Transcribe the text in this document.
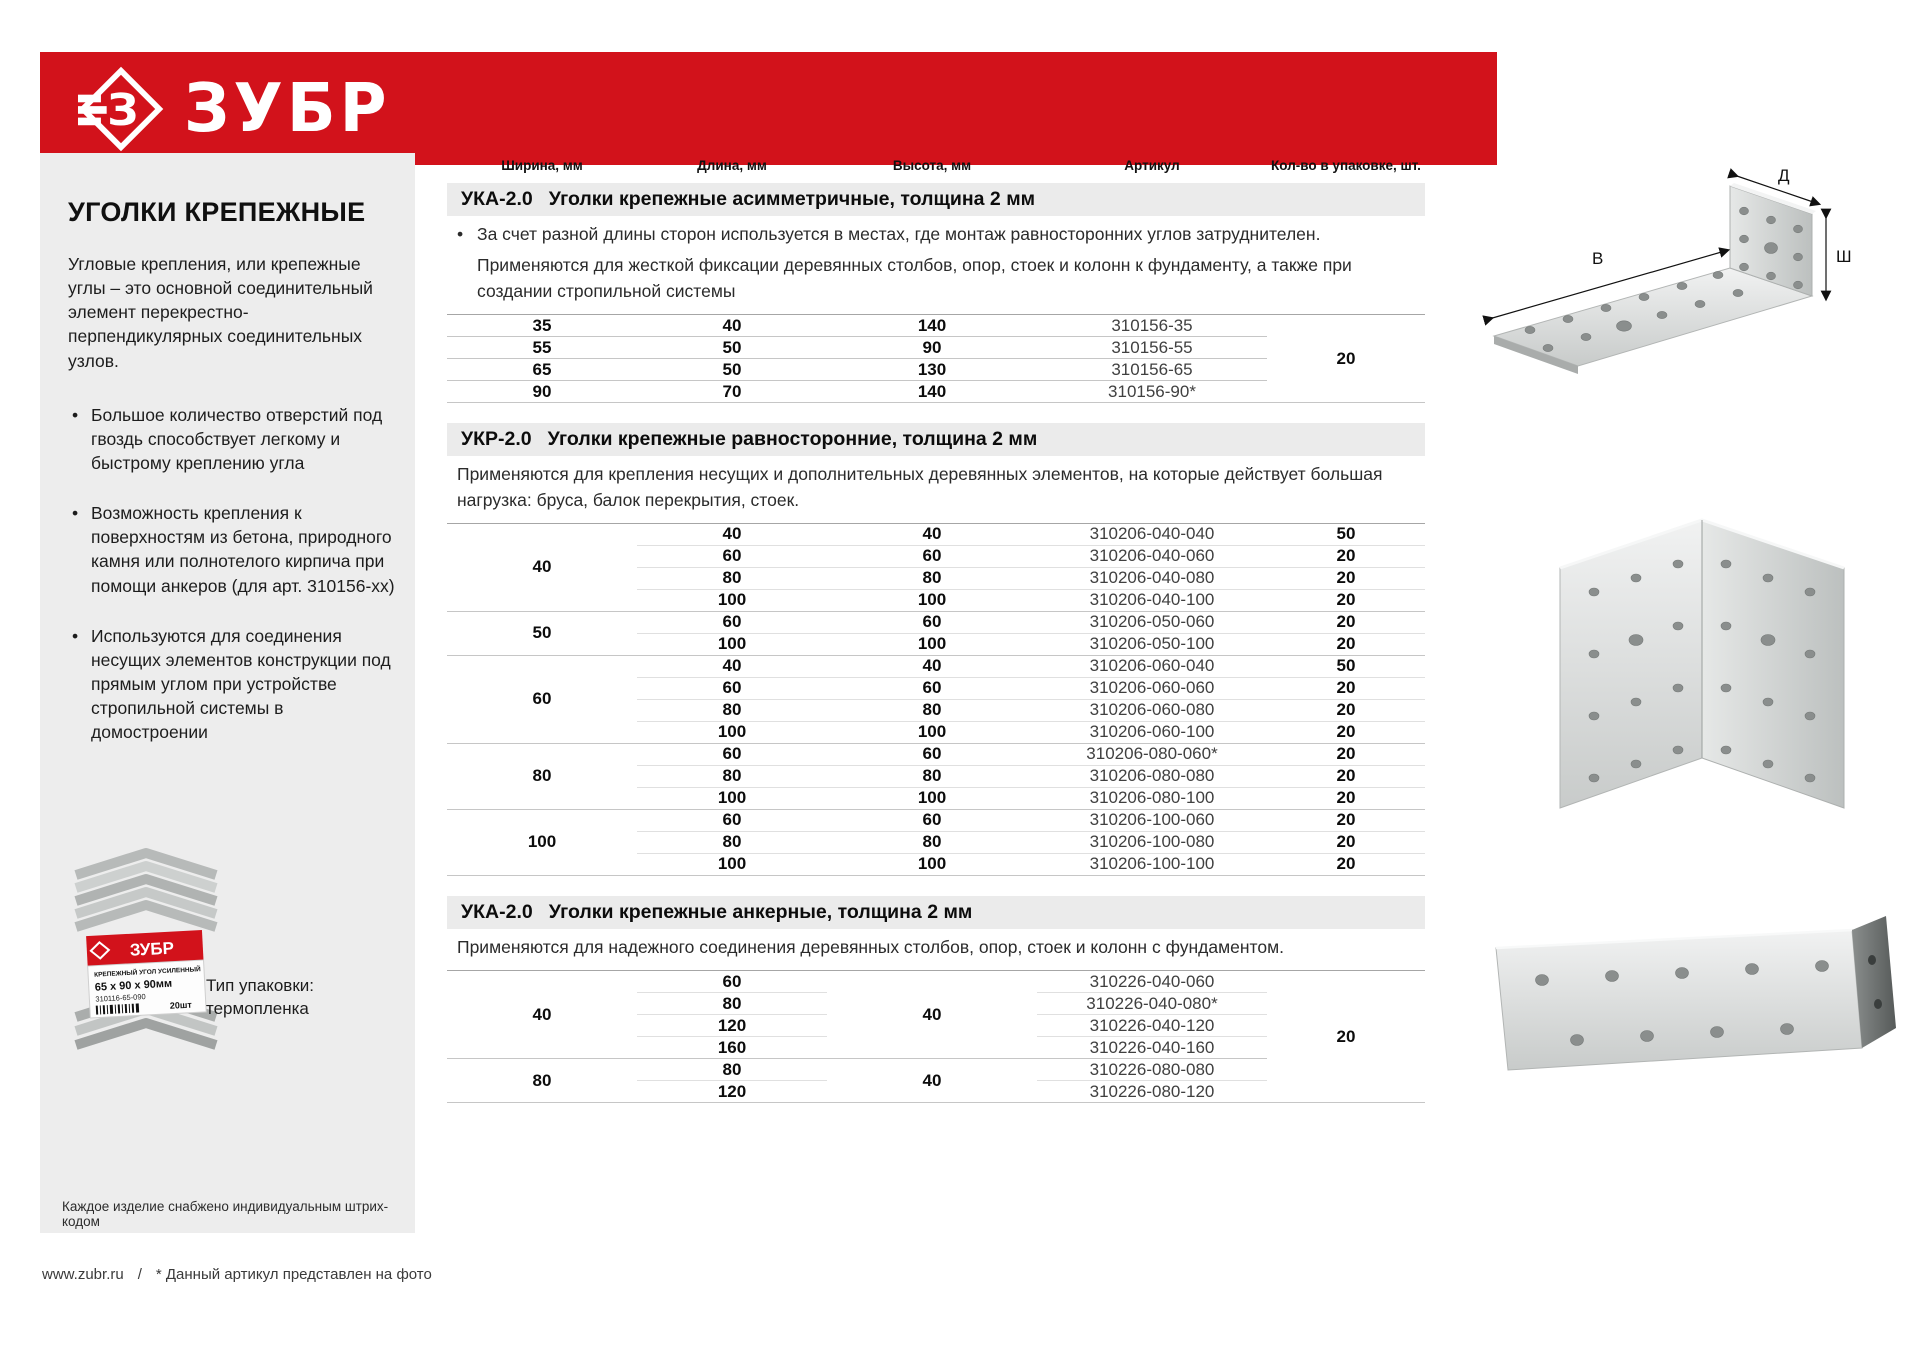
З ЗУБР
УГОЛКИ КРЕПЕЖНЫЕ

Угловые крепления, или крепежные углы – это основной соединительный элемент перекрестно-перпендикулярных соединительных узлов.

• Большое количество отверстий под гвоздь способствует легкому и быстрому креплению угла
• Возможность крепления к поверхностям из бетона, природного камня или полнотелого кирпича при помощи анкеров (для арт. 310156-хх)
• Используются для соединения несущих элементов конструкции под прямым углом при устройстве стропильной системы в домостроении
ЗУБР
КРЕПЕЖНЫЙ УГОЛ УСИЛЕННЫЙ
65 х 90 х 90мм
310116-65-090
20шт
Тип упаковки:
термопленка
Каждое изделие снабжено индивидуальным штрих-кодом
Ширина, мм	Длина, мм	Высота, мм	Артикул	Кол-во в упаковке, шт.
УКА-2.0 Уголки крепежные асимметричные, толщина 2 мм
• За счет разной длины сторон используется в местах, где монтаж равносторонних углов затруднителен.
Применяются для жесткой фиксации деревянных столбов, опор, стоек и колонн к фундаменту, а также при создании стропильной системы
35	40	140	310156-35	20
55	50	90	310156-55	
65	50	130	310156-65	
90	70	140	310156-90*	
УКР-2.0 Уголки крепежные равносторонние, толщина 2 мм
Применяются для крепления несущих и дополнительных деревянных элементов, на которые действует большая нагрузка: бруса, балок перекрытия, стоек.
40	40	40	310206-040-040	50
	60	60	310206-040-060	20
	80	80	310206-040-080	20
	100	100	310206-040-100	20
50	60	60	310206-050-060	20
	100	100	310206-050-100	20
60	40	40	310206-060-040	50
	60	60	310206-060-060	20
	80	80	310206-060-080	20
	100	100	310206-060-100	20
80	60	60	310206-080-060*	20
	80	80	310206-080-080	20
	100	100	310206-080-100	20
100	60	60	310206-100-060	20
	80	80	310206-100-080	20
	100	100	310206-100-100	20
УКА-2.0 Уголки крепежные анкерные, толщина 2 мм
Применяются для надежного соединения деревянных столбов, опор, стоек и колонн с фундаментом.
40	60	40	310226-040-060	20
	80		310226-040-080*	
	120		310226-040-120	
	160		310226-040-160	
80	80	40	310226-080-080	
	120		310226-080-120	
В
Д
Ш
www.zubr.ru / * Данный артикул представлен на фото
